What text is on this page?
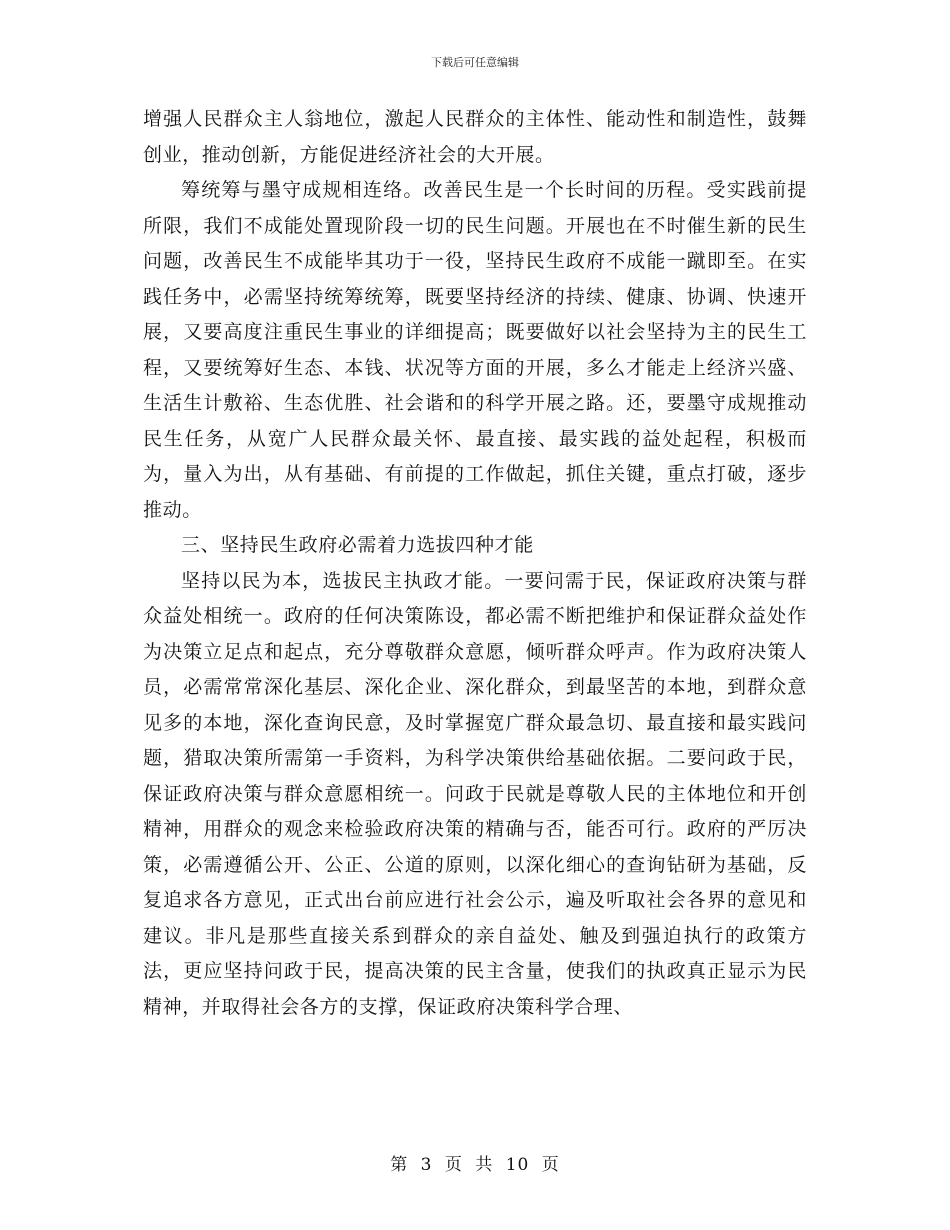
下载后可任意编辑

增强人民群众主人翁地位，激起人民群众的主体性、能动性和制造性，鼓舞创业，推动创新，方能促进经济社会的大开展。

筹统筹与墨守成规相连络。改善民生是一个长时间的历程。受实践前提所限，我们不成能处置现阶段一切的民生问题。开展也在不时催生新的民生问题，改善民生不成能毕其功于一役，坚持民生政府不成能一蹴即至。在实践任务中，必需坚持统筹统筹，既要坚持经济的持续、健康、协调、快速开展，又要高度注重民生事业的详细提高；既要做好以社会坚持为主的民生工程，又要统筹好生态、本钱、状况等方面的开展，多么才能走上经济兴盛、生活生计敷裕、生态优胜、社会谐和的科学开展之路。还，要墨守成规推动民生任务，从宽广人民群众最关怀、最直接、最实践的益处起程，积极而为，量入为出，从有基础、有前提的工作做起，抓住关键，重点打破，逐步推动。

三、坚持民生政府必需着力选拔四种才能

坚持以民为本，选拔民主执政才能。一要问需于民，保证政府决策与群众益处相统一。政府的任何决策陈设，都必需不断把维护和保证群众益处作为决策立足点和起点，充分尊敬群众意愿，倾听群众呼声。作为政府决策人员，必需常常深化基层、深化企业、深化群众，到最坚苦的本地，到群众意见多的本地，深化查询民意，及时掌握宽广群众最急切、最直接和最实践问题，猎取决策所需第一手资料，为科学决策供给基础依据。二要问政于民，保证政府决策与群众意愿相统一。问政于民就是尊敬人民的主体地位和开创精神，用群众的观念来检验政府决策的精确与否，能否可行。政府的严厉决策，必需遵循公开、公正、公道的原则，以深化细心的查询钻研为基础，反复追求各方意见，正式出台前应进行社会公示，遍及听取社会各界的意见和建议。非凡是那些直接关系到群众的亲自益处、触及到强迫执行的政策方法，更应坚持问政于民，提高决策的民主含量，使我们的执政真正显示为民精神，并取得社会各方的支撑，保证政府决策科学合理、

第 3 页 共 10 页
